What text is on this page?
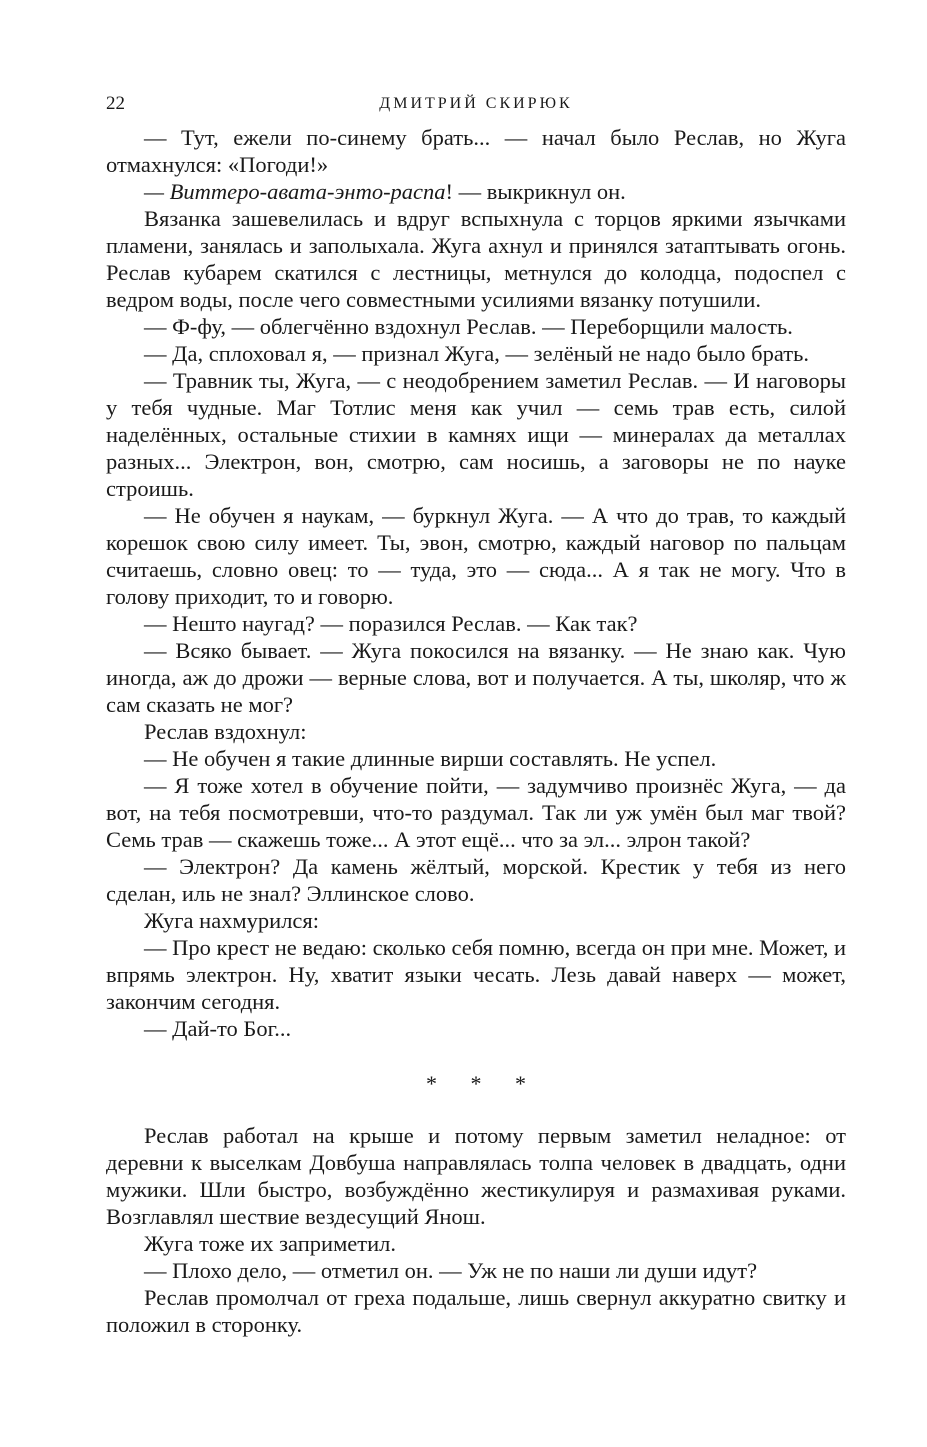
22	ДМИТРИЙ СКИРЮК

— Тут, ежели по-синему брать... — начал было Реслав, но Жуга отмахнулся: «Погоди!»

— Виттеро-авата-энто-распа! — выкрикнул он.

Вязанка зашевелилась и вдруг вспыхнула с торцов яркими язычками пламени, занялась и заполыхала. Жуга ахнул и принялся затаптывать огонь. Реслав кубарем скатился с лестницы, метнулся до колодца, подоспел с ведром воды, после чего совместными усилиями вязанку потушили.

— Ф-фу, — облегчённо вздохнул Реслав. — Переборщили малость.

— Да, сплоховал я, — признал Жуга, — зелёный не надо было брать.

— Травник ты, Жуга, — с неодобрением заметил Реслав. — И наговоры у тебя чудные. Маг Тотлис меня как учил — семь трав есть, силой наделённых, остальные стихии в камнях ищи — минералах да металлах разных... Электрон, вон, смотрю, сам носишь, а заговоры не по науке строишь.

— Не обучен я наукам, — буркнул Жуга. — А что до трав, то каждый корешок свою силу имеет. Ты, эвон, смотрю, каждый наговор по пальцам считаешь, словно овец: то — туда, это — сюда... А я так не могу. Что в голову приходит, то и говорю.

— Нешто наугад? — поразился Реслав. — Как так?

— Всяко бывает. — Жуга покосился на вязанку. — Не знаю как. Чую иногда, аж до дрожи — верные слова, вот и получается. А ты, школяр, что ж сам сказать не мог?

Реслав вздохнул:

— Не обучен я такие длинные вирши составлять. Не успел.

— Я тоже хотел в обучение пойти, — задумчиво произнёс Жуга, — да вот, на тебя посмотревши, что-то раздумал. Так ли уж умён был маг твой? Семь трав — скажешь тоже... А этот ещё... что за эл... элрон такой?

— Электрон? Да камень жёлтый, морской. Крестик у тебя из него сделан, иль не знал? Эллинское слово.

Жуга нахмурился:

— Про крест не ведаю: сколько себя помню, всегда он при мне. Может, и впрямь электрон. Ну, хватит языки чесать. Лезь давай наверх — может, закончим сегодня.

— Дай-то Бог...

* * *

Реслав работал на крыше и потому первым заметил неладное: от деревни к выселкам Довбуша направлялась толпа человек в двадцать, одни мужики. Шли быстро, возбуждённо жестикулируя и размахивая руками. Возглавлял шествие вездесущий Янош.

Жуга тоже их заприметил.

— Плохо дело, — отметил он. — Уж не по наши ли души идут?

Реслав промолчал от греха подальше, лишь свернул аккуратно свитку и положил в сторонку.
